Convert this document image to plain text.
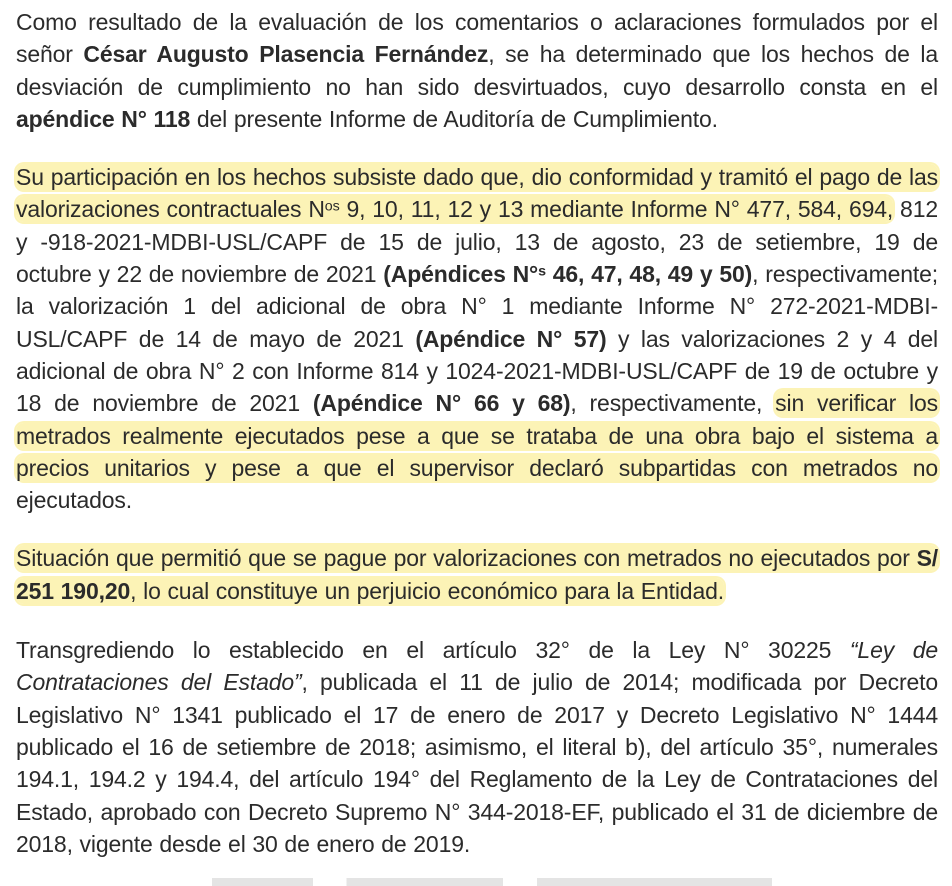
Como resultado de la evaluación de los comentarios o aclaraciones formulados por el señor César Augusto Plasencia Fernández, se ha determinado que los hechos de la desviación de cumplimiento no han sido desvirtuados, cuyo desarrollo consta en el apéndice N° 118 del presente Informe de Auditoría de Cumplimiento.

Su participación en los hechos subsiste dado que, dio conformidad y tramitó el pago de las valorizaciones contractuales $N^{os}$ 9, 10, 11, 12 y 13 mediante Informe N° 477, 584, 694, 812 y -918-2021-MDBI-USL/CAPF de 15 de julio, 13 de agosto, 23 de setiembre, 19 de octubre y 22 de noviembre de 2021 (Apéndices N°$^s$ 46, 47, 48, 49 y 50), respectivamente; la valorización 1 del adicional de obra N° 1 mediante Informe N° 272-2021-MDBI-USL/CAPF de 14 de mayo de 2021 (Apéndice N° 57) y las valorizaciones 2 y 4 del adicional de obra N° 2 con Informe 814 y 1024-2021-MDBI-USL/CAPF de 19 de octubre y 18 de noviembre de 2021 (Apéndice N° 66 y 68), respectivamente, sin verificar los metrados realmente ejecutados pese a que se trataba de una obra bajo el sistema a precios unitarios y pese a que el supervisor declaró subpartidas con metrados no ejecutados.

Situación que permitió que se pague por valorizaciones con metrados no ejecutados por S/ 251 190,20, lo cual constituye un perjuicio económico para la Entidad.

Transgrediendo lo establecido en el artículo 32° de la Ley N° 30225 “Ley de Contrataciones del Estado”, publicada el 11 de julio de 2014; modificada por Decreto Legislativo N° 1341 publicado el 17 de enero de 2017 y Decreto Legislativo N° 1444 publicado el 16 de setiembre de 2018; asimismo, el literal b), del artículo 35°, numerales 194.1, 194.2 y 194.4, del artículo 194° del Reglamento de la Ley de Contrataciones del Estado, aprobado con Decreto Supremo N° 344-2018-EF, publicado el 31 de diciembre de 2018, vigente desde el 30 de enero de 2019.
